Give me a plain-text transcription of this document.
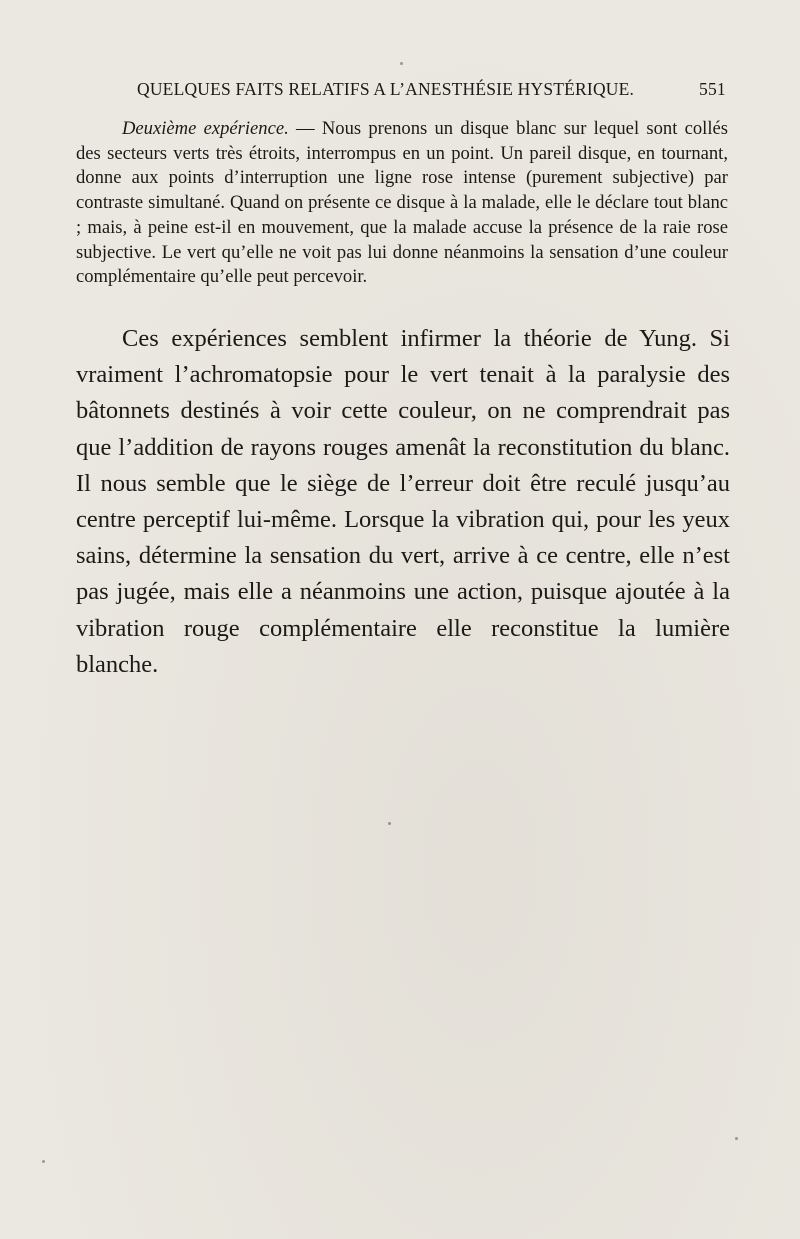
QUELQUES FAITS RELATIFS A L’ANESTHÉSIE HYSTÉRIQUE.	551

Deuxième expérience. — Nous prenons un disque blanc sur lequel sont collés des secteurs verts très étroits, interrompus en un point. Un pareil disque, en tournant, donne aux points d’interruption une ligne rose intense (purement subjective) par contraste simultané. Quand on présente ce disque à la malade, elle le déclare tout blanc ; mais, à peine est-il en mouvement, que la malade accuse la présence de la raie rose subjective. Le vert qu’elle ne voit pas lui donne néanmoins la sensation d’une couleur complémentaire qu’elle peut percevoir.

Ces expériences semblent infirmer la théorie de Yung. Si vraiment l’achromatopsie pour le vert tenait à la paralysie des bâtonnets destinés à voir cette couleur, on ne comprendrait pas que l’addition de rayons rouges amenât la reconstitution du blanc. Il nous semble que le siège de l’erreur doit être reculé jusqu’au centre perceptif lui-même. Lorsque la vibration qui, pour les yeux sains, détermine la sensation du vert, arrive à ce centre, elle n’est pas jugée, mais elle a néanmoins une action, puisque ajoutée à la vibration rouge complémentaire elle reconstitue la lumière blanche.
